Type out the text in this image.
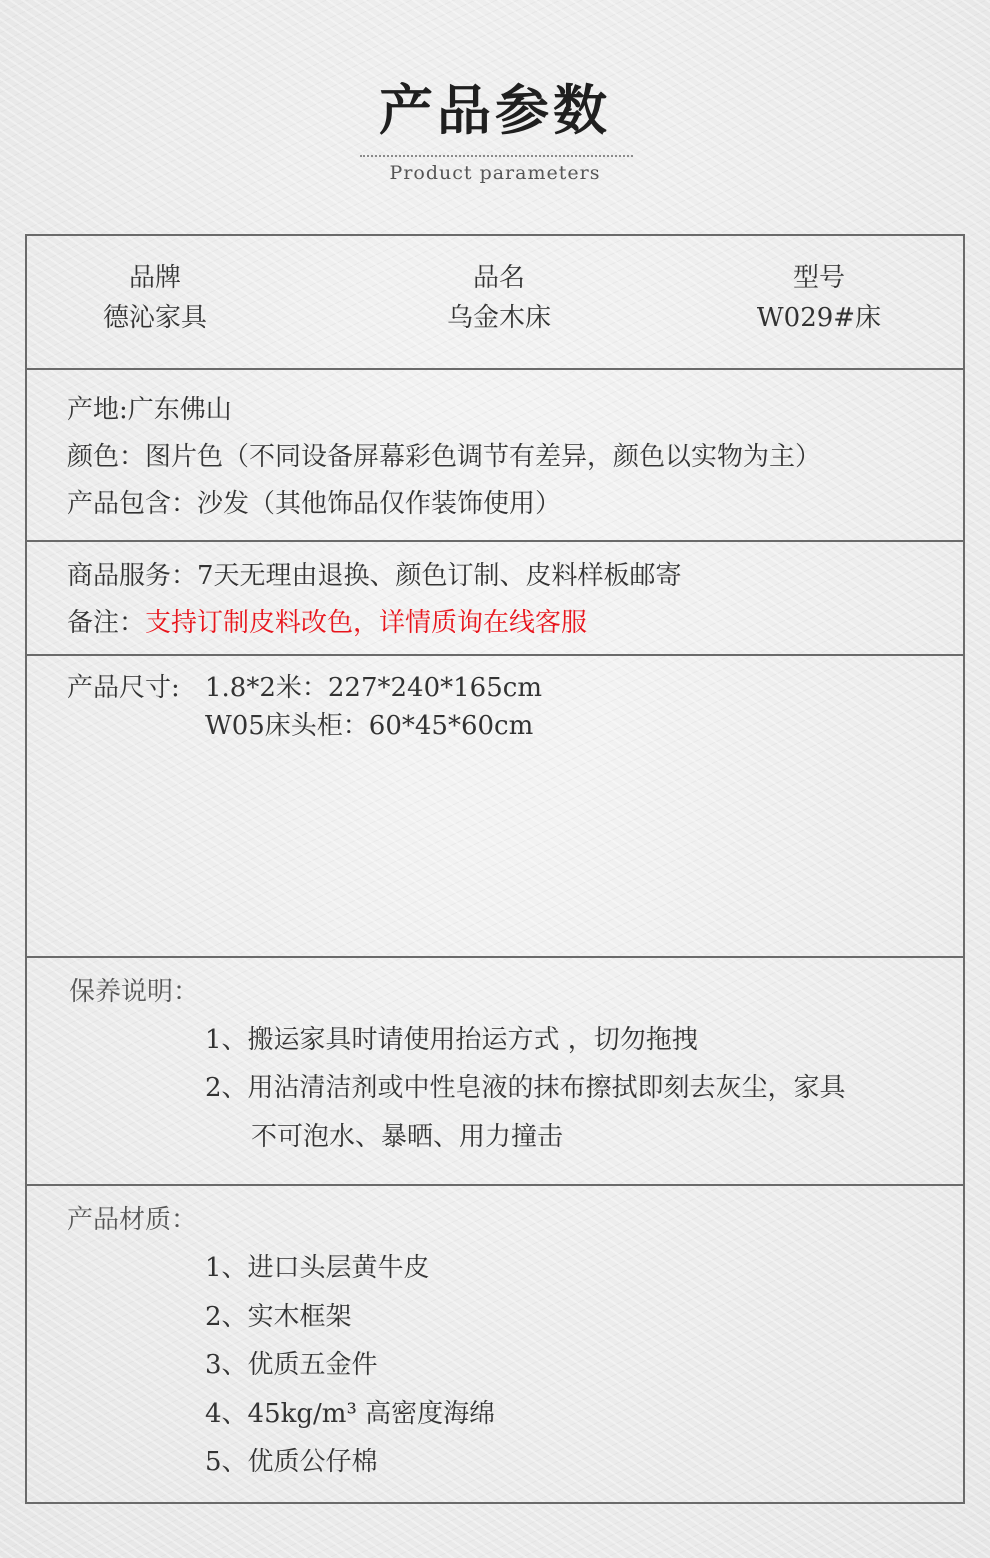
产品参数
Product parameters
品牌
德沁家具
品名
乌金木床
型号
W029#床
产地:广东佛山
颜色：图片色（不同设备屏幕彩色调节有差异，颜色以实物为主）
产品包含：沙发（其他饰品仅作装饰使用）
商品服务：7天无理由退换、颜色订制、皮料样板邮寄
备注：支持订制皮料改色，详情质询在线客服
产品尺寸: 1.8*2米：227*240*165cm
W05床头柜：60*45*60cm
保养说明：
1、搬运家具时请使用抬运方式 ，切勿拖拽
2、用沾清洁剂或中性皂液的抹布擦拭即刻去灰尘，家具
不可泡水、暴晒、用力撞击
产品材质：
1、进口头层黄牛皮
2、实木框架
3、优质五金件
4、45kg/m³ 高密度海绵
5、优质公仔棉
